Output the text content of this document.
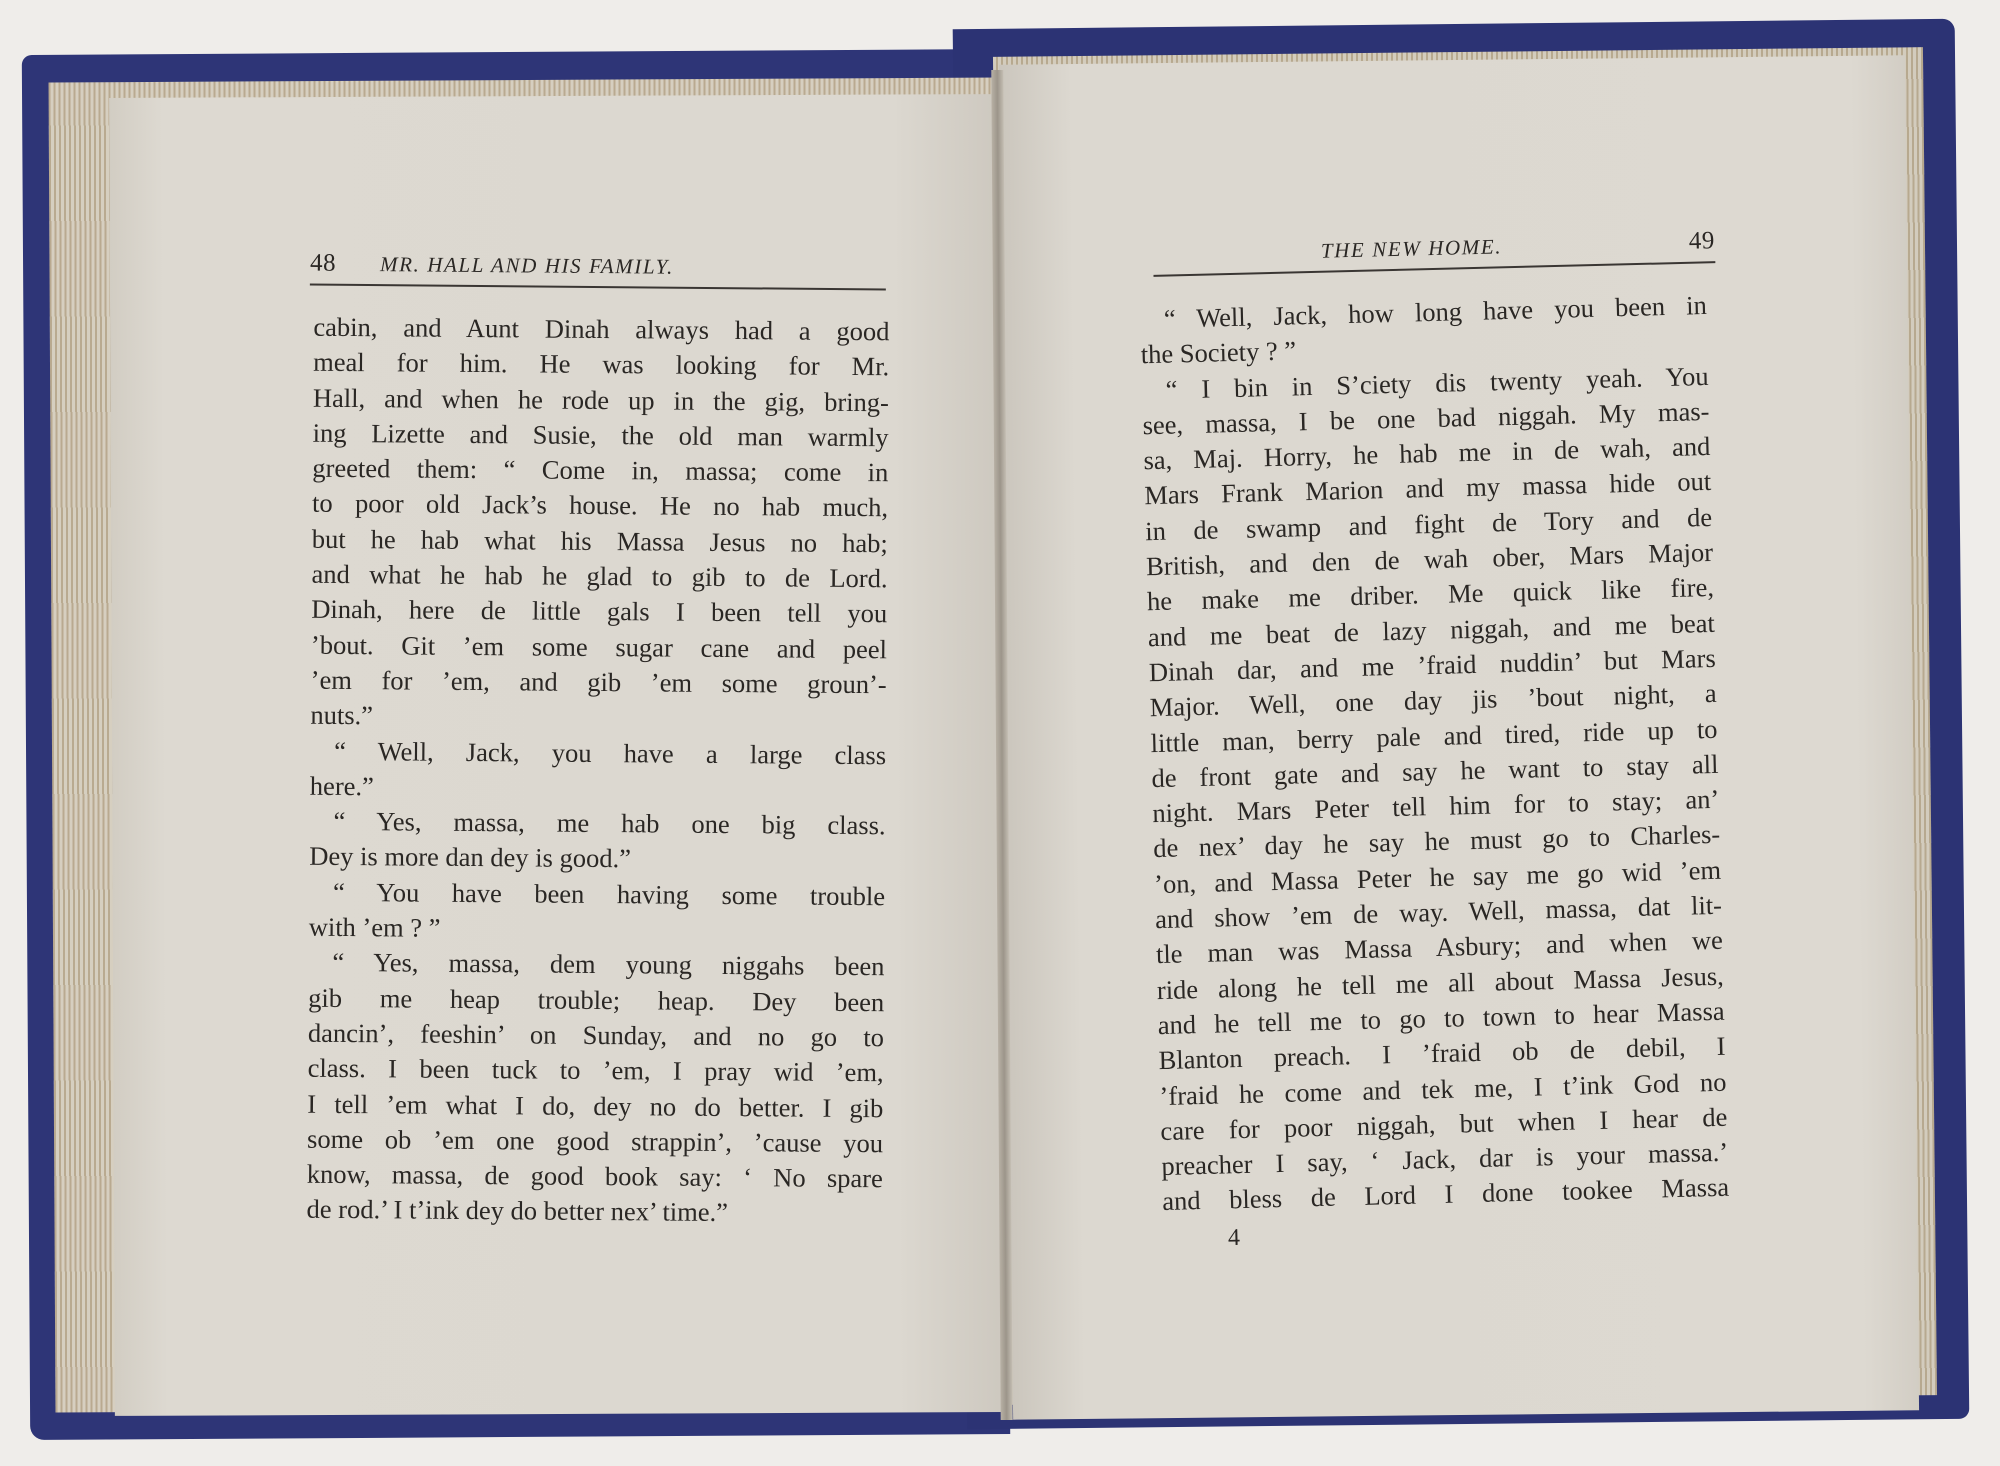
48 MR. HALL AND HIS FAMILY.
THE NEW HOME.	49
cabin, and Aunt Dinah always had a good
meal for him. He was looking for Mr.
Hall, and when he rode up in the gig, bring-
ing Lizette and Susie, the old man warmly
greeted them: “ Come in, massa; come in
to poor old Jack’s house. He no hab much,
but he hab what his Massa Jesus no hab;
and what he hab he glad to gib to de Lord.
Dinah, here de little gals I been tell you
’bout. Git ’em some sugar cane and peel
’em for ’em, and gib ’em some groun’-
nuts.”
“ Well, Jack, you have a large class
here.”
“ Yes, massa, me hab one big class.
Dey is more dan dey is good.”
“ You have been having some trouble
with ’em ? ”
“ Yes, massa, dem young niggahs been
gib me heap trouble; heap. Dey been
dancin’, feeshin’ on Sunday, and no go to
class. I been tuck to ’em, I pray wid ’em,
I tell ’em what I do, dey no do better. I gib
some ob ’em one good strappin’, ’cause you
know, massa, de good book say: ‘ No spare
de rod.’ I t’ink dey do better nex’ time.”
“ Well, Jack, how long have you been in
the Society ? ”
“ I bin in S’ciety dis twenty yeah. You
see, massa, I be one bad niggah. My mas-
sa, Maj. Horry, he hab me in de wah, and
Mars Frank Marion and my massa hide out
in de swamp and fight de Tory and de
British, and den de wah ober, Mars Major
he make me driber. Me quick like fire,
and me beat de lazy niggah, and me beat
Dinah dar, and me ’fraid nuddin’ but Mars
Major. Well, one day jis ’bout night, a
little man, berry pale and tired, ride up to
de front gate and say he want to stay all
night. Mars Peter tell him for to stay; an’
de nex’ day he say he must go to Charles-
’on, and Massa Peter he say me go wid ’em
and show ’em de way. Well, massa, dat lit-
tle man was Massa Asbury; and when we
ride along he tell me all about Massa Jesus,
and he tell me to go to town to hear Massa
Blanton preach. I ’fraid ob de debil, I
’fraid he come and tek me, I t’ink God no
care for poor niggah, but when I hear de
preacher I say, ‘ Jack, dar is your massa.’
and bless de Lord I done tookee Massa
4
